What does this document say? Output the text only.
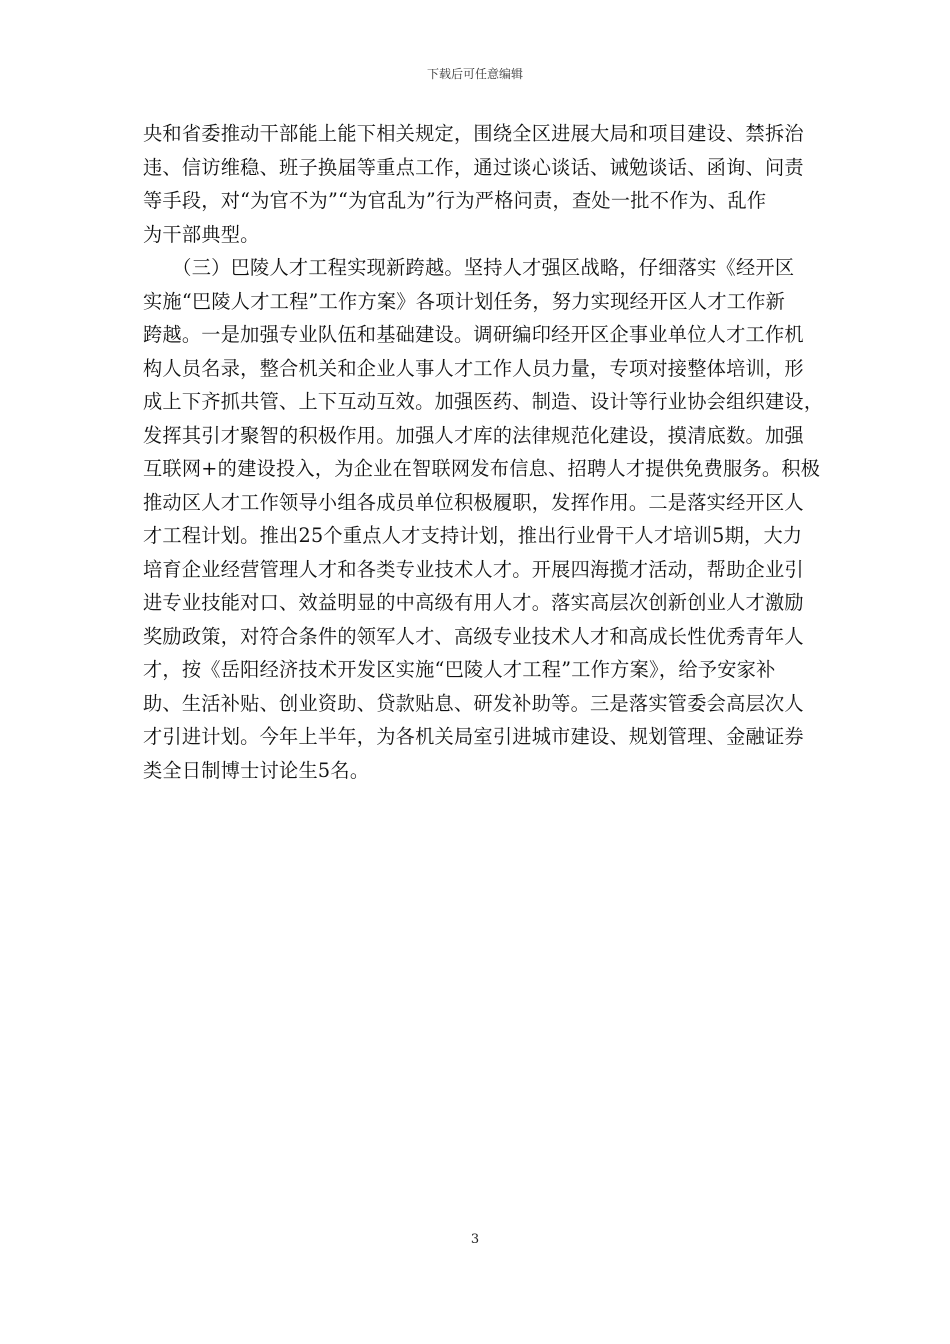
下载后可任意编辑

央和省委推动干部能上能下相关规定，围绕全区进展大局和项目建设、禁拆治
违、信访维稳、班子换届等重点工作，通过谈心谈话、诫勉谈话、函询、问责
等手段，对“为官不为”“为官乱为”行为严格问责，查处一批不作为、乱作
为干部典型。

　　（三）巴陵人才工程实现新跨越。坚持人才强区战略，仔细落实《经开区
实施“巴陵人才工程”工作方案》各项计划任务，努力实现经开区人才工作新
跨越。一是加强专业队伍和基础建设。调研编印经开区企事业单位人才工作机
构人员名录，整合机关和企业人事人才工作人员力量，专项对接整体培训，形
成上下齐抓共管、上下互动互效。加强医药、制造、设计等行业协会组织建设，
发挥其引才聚智的积极作用。加强人才库的法律规范化建设，摸清底数。加强
互联网+的建设投入，为企业在智联网发布信息、招聘人才提供免费服务。积极
推动区人才工作领导小组各成员单位积极履职，发挥作用。二是落实经开区人
才工程计划。推出25个重点人才支持计划，推出行业骨干人才培训5期，大力
培育企业经营管理人才和各类专业技术人才。开展四海揽才活动，帮助企业引
进专业技能对口、效益明显的中高级有用人才。落实高层次创新创业人才激励
奖励政策，对符合条件的领军人才、高级专业技术人才和高成长性优秀青年人
才，按《岳阳经济技术开发区实施“巴陵人才工程”工作方案》，给予安家补
助、生活补贴、创业资助、贷款贴息、研发补助等。三是落实管委会高层次人
才引进计划。今年上半年，为各机关局室引进城市建设、规划管理、金融证券
类全日制博士讨论生5名。

3
